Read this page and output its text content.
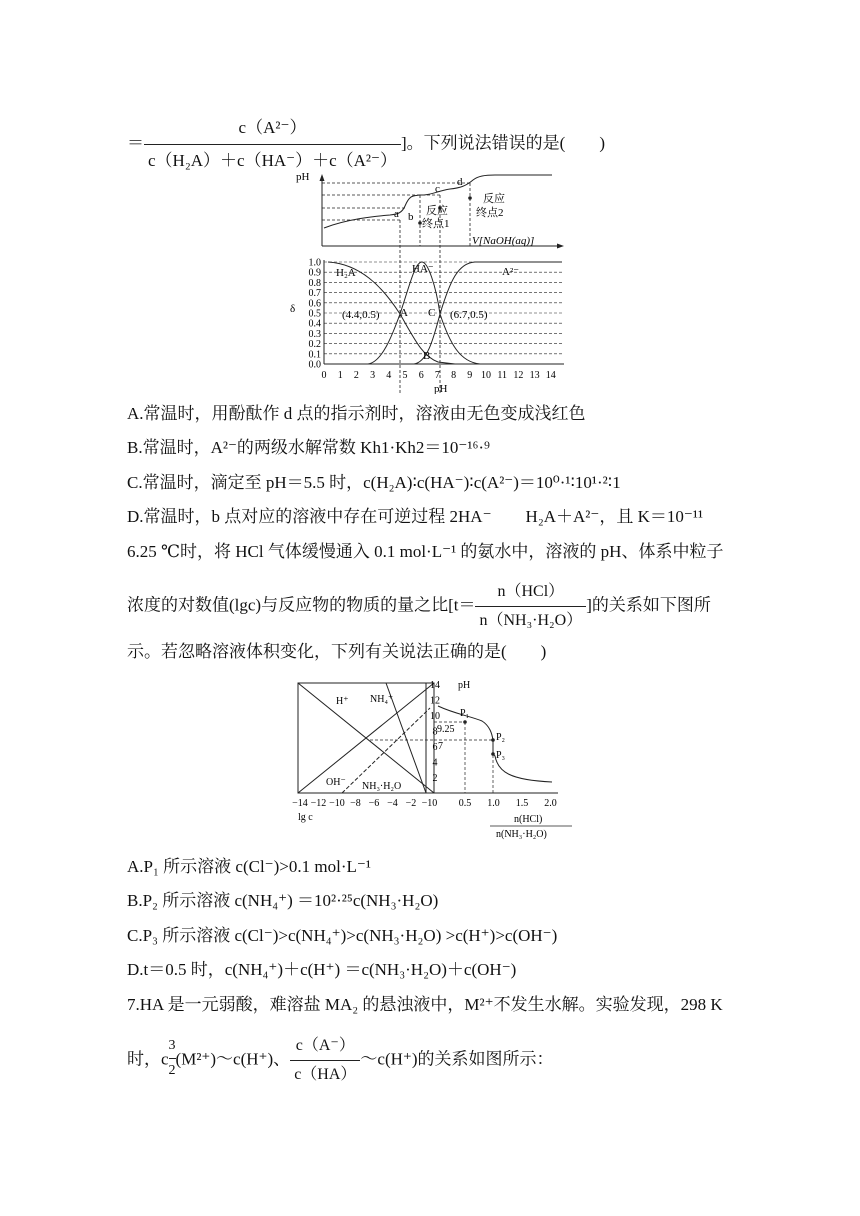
＝ $\frac{\text{c（A²⁻）}}{\text{c（H₂A）＋c（HA⁻）＋c（A²⁻）}}$ ]。下列说法错误的是(　　)
pH
a b
c
d
反应
终点1
反应
终点2
V[NaOH(aq)]
δ
1.0
0.9
0.8
0.7
0.6
0.5
0.4
0.3
0.2
0.1
0.0
0 1 2 3 4 5 6 7 8 9 10 11 12 13 14
pH
H₂A	HA⁻	A²⁻
A
B
C
(4.4,0.5)	(6.7,0.5)
A.常温时，用酚酞作 d 点的指示剂时，溶液由无色变成浅红色
B.常温时，A²⁻的两级水解常数 Kh1·Kh2＝10⁻¹⁶·⁹
C.常温时，滴定至 pH＝5.5 时，c(H₂A)∶c(HA⁻)∶c(A²⁻)＝10⁰·¹∶10¹·²∶1
D.常温时，b 点对应的溶液中存在可逆过程 2HA⁻　　H₂A＋A²⁻，且 K＝10⁻¹¹
6.25 ℃时，将 HCl 气体缓慢通入 0.1 mol·L⁻¹ 的氨水中，溶液的 pH、体系中粒子
浓度的对数值(lgc)与反应物的物质的量之比[$t= \frac{\text{n（HCl）}}{\text{n（NH₃·H₂O）}}$ ]的关系如下图所
示。若忽略溶液体积变化，下列有关说法正确的是(　　)
14
12
10
8
6
4
2
pH
9.25
7
H⁺ NH₄⁺
OH⁻ NH₃·H₂O
P₁
P₂
P₃
−14 −12 −10 −8 −6 −4 −2 −10 0.5 1.0 1.5 2.0
lg c	n(HCl)
n(NH₃·H₂O)
A.P₁ 所示溶液 c(Cl⁻)>0.1 mol·L⁻¹
B.P₂ 所示溶液 c(NH₄⁺) ＝10²·²⁵c(NH₃·H₂O)
C.P₃ 所示溶液 c(Cl⁻)>c(NH₄⁺)>c(NH₃·H₂O) >c(H⁺)>c(OH⁻)
D.t＝0.5 时，c(NH₄⁺)＋c(H⁺) ＝c(NH₃·H₂O)＋c(OH⁻)
7.HA 是一元弱酸，难溶盐 MA₂ 的悬浊液中，M²⁺不发生水解。实验发现，298 K
时，c $\frac{3}{2}$ (M²⁺)～c(H⁺)、 $\frac{c(A^-)}{c(HA)}$ ～c(H⁺)的关系如图所示：
